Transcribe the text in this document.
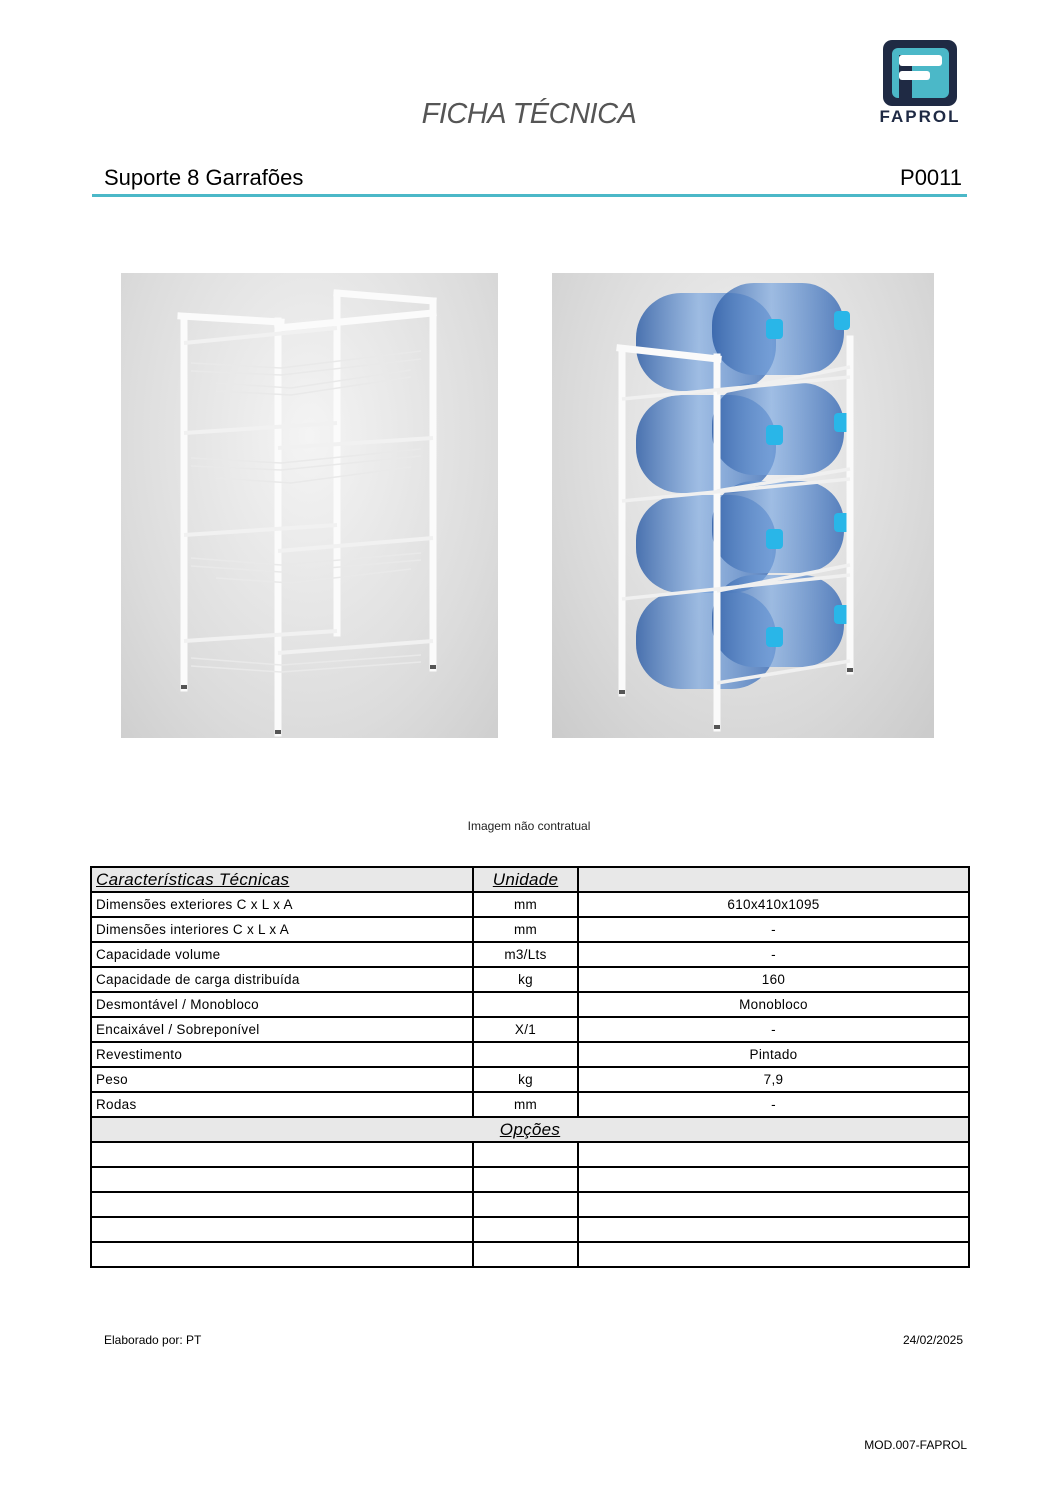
FICHA TÉCNICA	FAPROL
Suporte 8 Garrafões	P0011
Imagem não contratual
Características Técnicas	Unidade	
Dimensões exteriores C x L x A	mm	610x410x1095
Dimensões interiores C x L x A	mm	-
Capacidade volume	m3/Lts	-
Capacidade de carga distribuída	kg	160
Desmontável / Monobloco		Monobloco
Encaixável / Sobreponível	X/1	-
Revestimento		Pintado
Peso	kg	7,9
Rodas	mm	-
Opções		

Elaborado por: PT	24/02/2025
MOD.007-FAPROL
